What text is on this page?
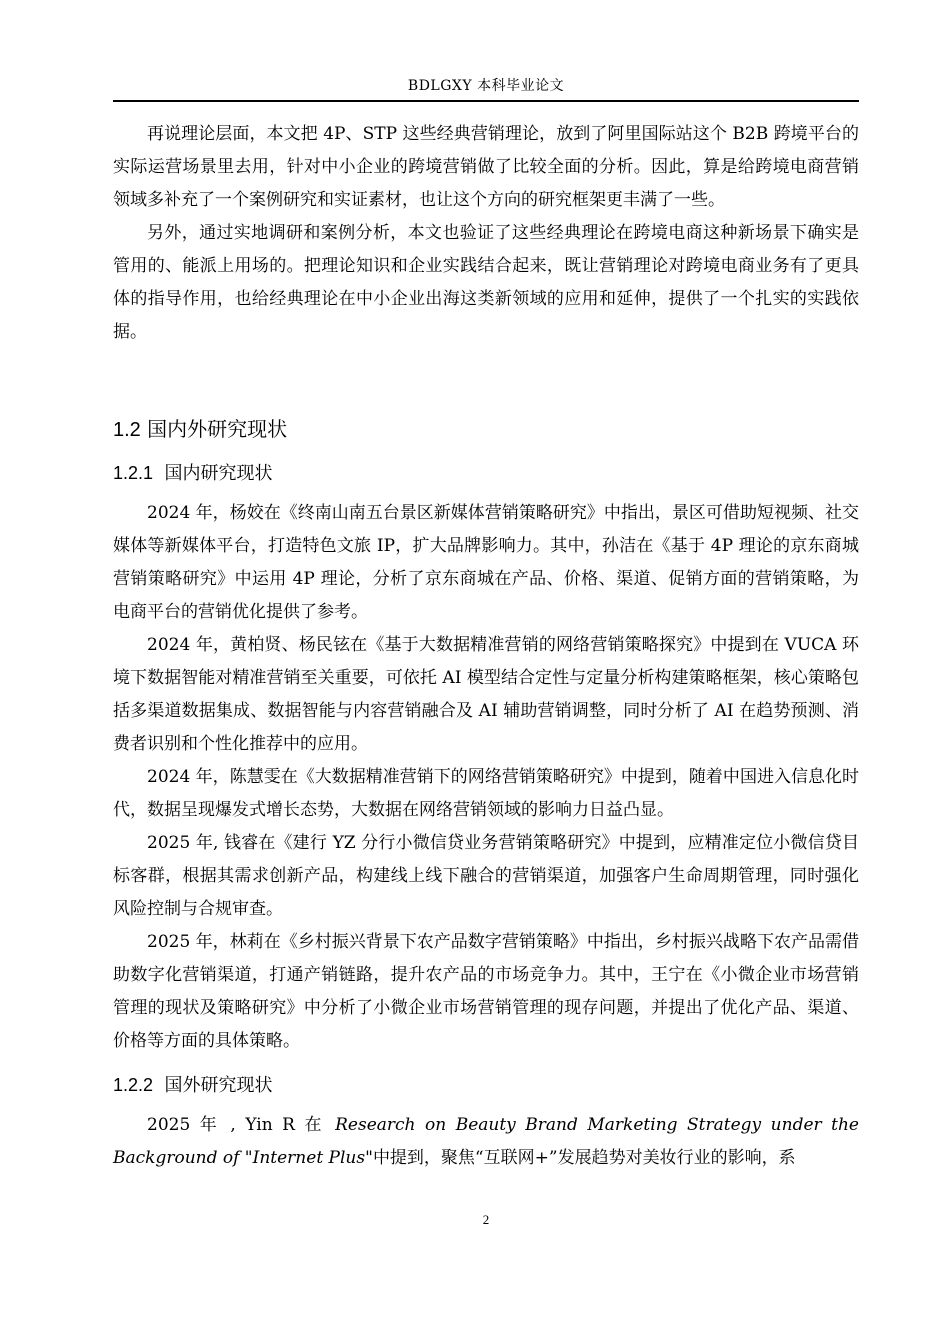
BDLGXY 本科毕业论文

再说理论层面，本文把 4P、STP 这些经典营销理论，放到了阿里国际站这个 B2B 跨境平台的实际运营场景里去用，针对中小企业的跨境营销做了比较全面的分析。因此，算是给跨境电商营销领域多补充了一个案例研究和实证素材，也让这个方向的研究框架更丰满了一些。

另外，通过实地调研和案例分析，本文也验证了这些经典理论在跨境电商这种新场景下确实是管用的、能派上用场的。把理论知识和企业实践结合起来，既让营销理论对跨境电商业务有了更具体的指导作用，也给经典理论在中小企业出海这类新领域的应用和延伸，提供了一个扎实的实践依据。

1.2 国内外研究现状
1.2.1 国内研究现状

2024 年，杨姣在《终南山南五台景区新媒体营销策略研究》中指出，景区可借助短视频、社交媒体等新媒体平台，打造特色文旅 IP，扩大品牌影响力。其中，孙洁在《基于 4P 理论的京东商城营销策略研究》中运用 4P 理论，分析了京东商城在产品、价格、渠道、促销方面的营销策略，为电商平台的营销优化提供了参考。

2024 年，黄柏贤、杨民铉在《基于大数据精准营销的网络营销策略探究》中提到在 VUCA 环境下数据智能对精准营销至关重要，可依托 AI 模型结合定性与定量分析构建策略框架，核心策略包括多渠道数据集成、数据智能与内容营销融合及 AI 辅助营销调整，同时分析了 AI 在趋势预测、消费者识别和个性化推荐中的应用。

2024 年，陈慧雯在《大数据精准营销下的网络营销策略研究》中提到，随着中国进入信息化时代，数据呈现爆发式增长态势，大数据在网络营销领域的影响力日益凸显。

2025 年, 钱睿在《建行 YZ 分行小微信贷业务营销策略研究》中提到，应精准定位小微信贷目标客群，根据其需求创新产品，构建线上线下融合的营销渠道，加强客户生命周期管理，同时强化风险控制与合规审查。

2025 年，林莉在《乡村振兴背景下农产品数字营销策略》中指出，乡村振兴战略下农产品需借助数字化营销渠道，打通产销链路，提升农产品的市场竞争力。其中，王宁在《小微企业市场营销管理的现状及策略研究》中分析了小微企业市场营销管理的现存问题，并提出了优化产品、渠道、价格等方面的具体策略。

1.2.2 国外研究现状

2025 年 , Yin R 在 Research on Beauty Brand Marketing Strategy under the Background of "Internet Plus"中提到，聚焦“互联网+”发展趋势对美妆行业的影响，系

2
